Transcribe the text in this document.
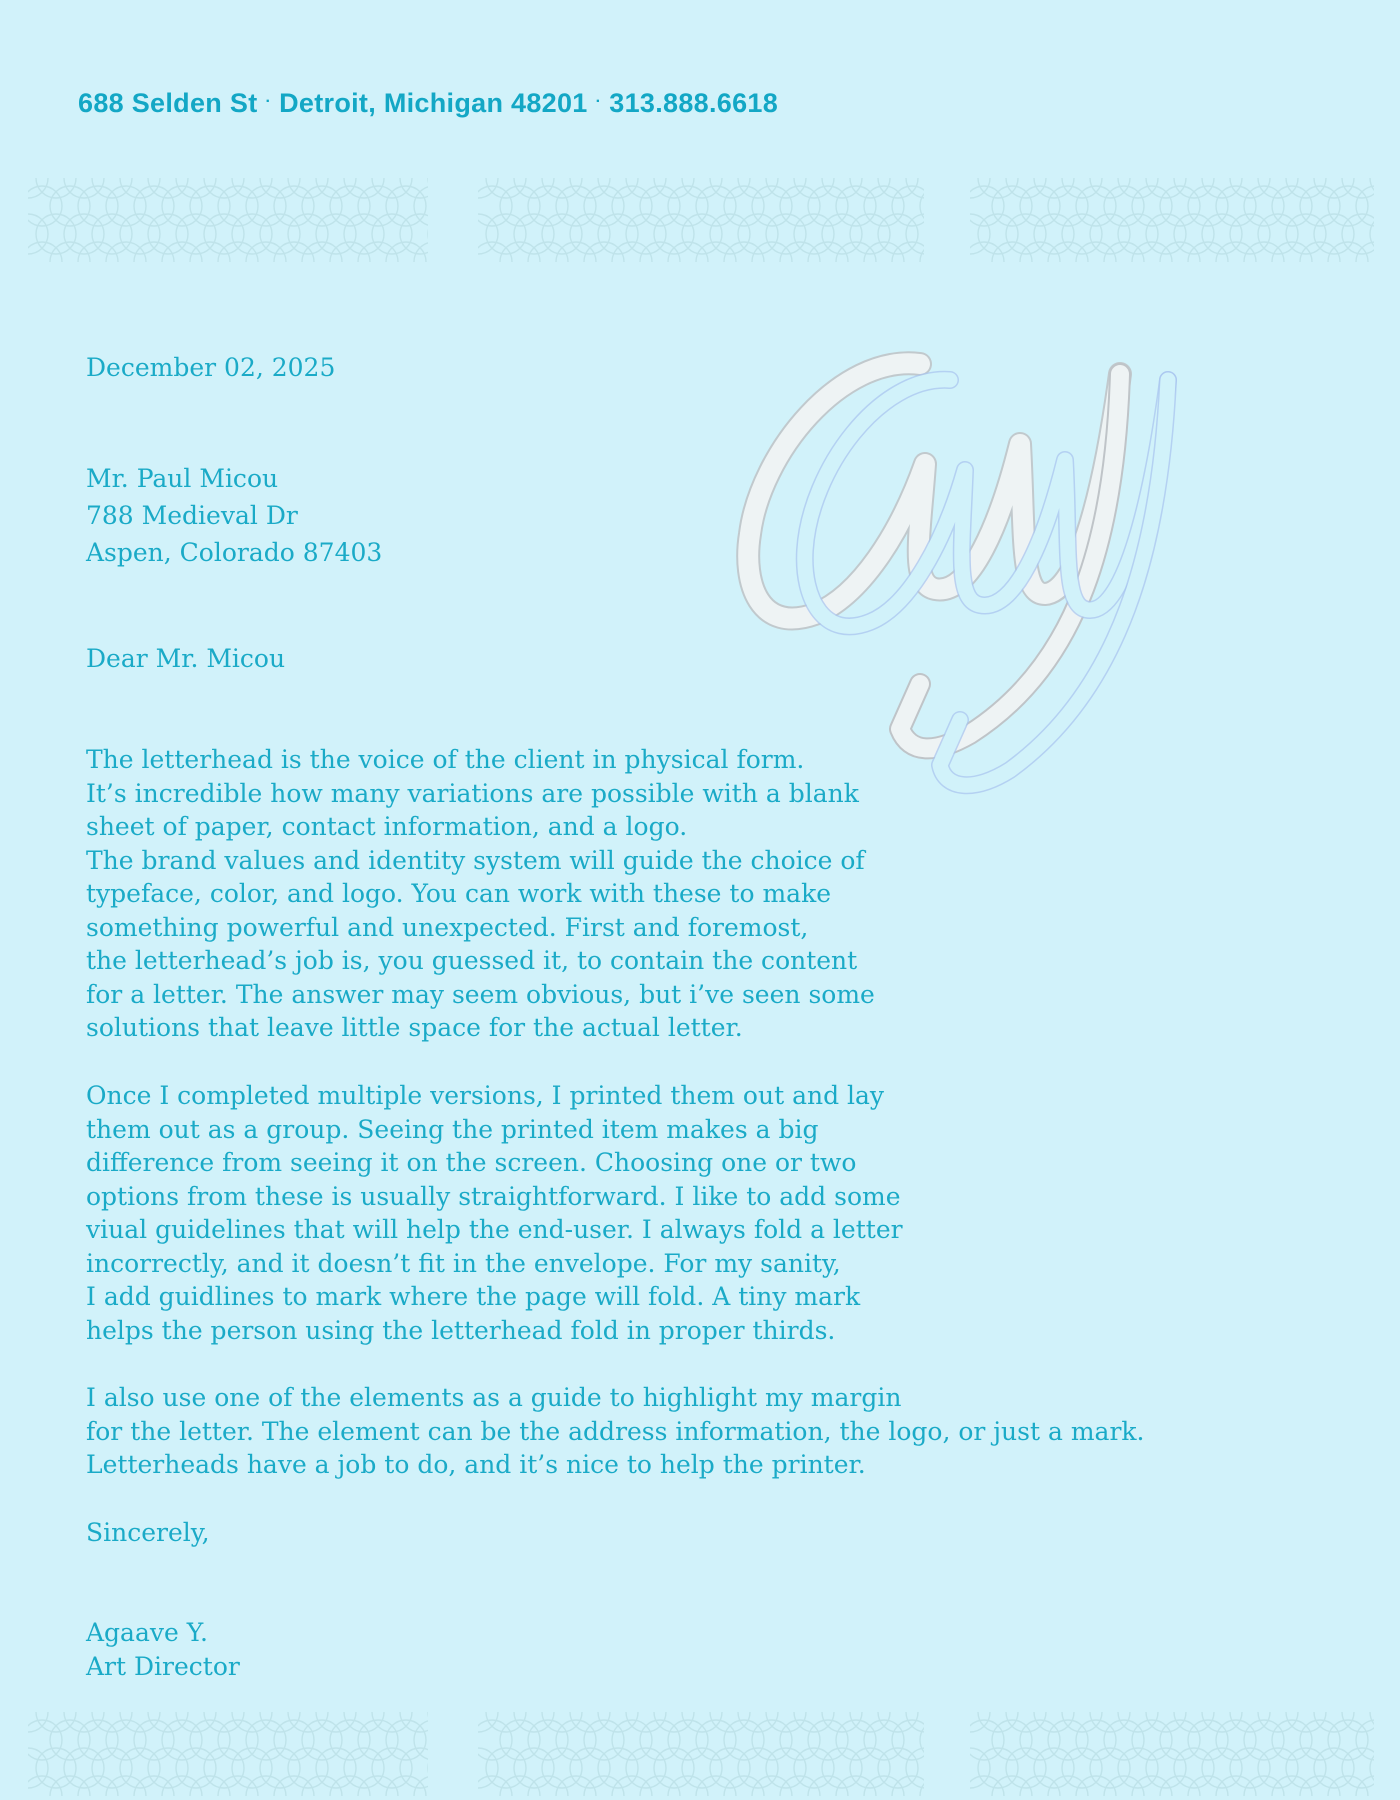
688 Selden St · Detroit, Michigan 48201 · 313.888.6618
December 02, 2025
Mr. Paul Micou
788 Medieval Dr
Aspen, Colorado 87403
Dear Mr. Micou
The letterhead is the voice of the client in physical form.
It’s incredible how many variations are possible with a blank
sheet of paper, contact information, and a logo.
The brand values and identity system will guide the choice of
typeface, color, and logo. You can work with these to make
something powerful and unexpected. First and foremost,
the letterhead’s job is, you guessed it, to contain the content
for a letter. The answer may seem obvious, but i’ve seen some
solutions that leave little space for the actual letter.
Once I completed multiple versions, I printed them out and lay
them out as a group. Seeing the printed item makes a big
difference from seeing it on the screen. Choosing one or two
options from these is usually straightforward. I like to add some
viual guidelines that will help the end-user. I always fold a letter
incorrectly, and it doesn’t fit in the envelope. For my sanity,
I add guidlines to mark where the page will fold. A tiny mark
helps the person using the letterhead fold in proper thirds.
I also use one of the elements as a guide to highlight my margin
for the letter. The element can be the address information, the logo, or just a mark.
Letterheads have a job to do, and it’s nice to help the printer.
Sincerely,
Agaave Y.
Art Director
